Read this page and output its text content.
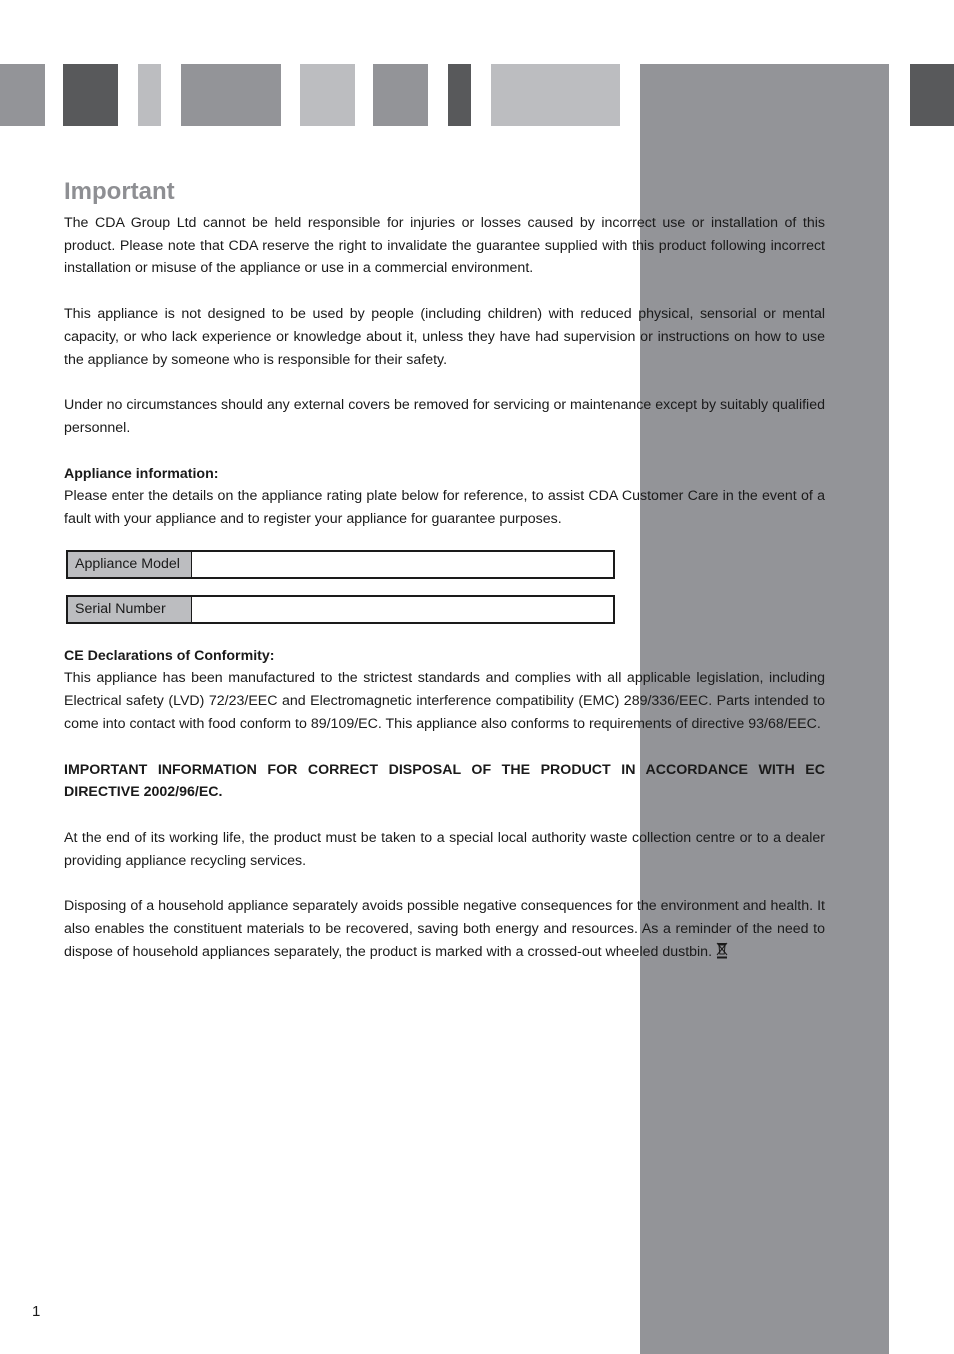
Important

The CDA Group Ltd cannot be held responsible for injuries or losses caused by incorrect use or installation of this product. Please note that CDA reserve the right to invalidate the guarantee supplied with this product following incorrect installation or misuse of the appliance or use in a commercial environment.

This appliance is not designed to be used by people (including children) with reduced physical, sensorial or mental capacity, or who lack experience or knowledge about it, unless they have had supervision or instructions on how to use the appliance by someone who is responsible for their safety.

Under no circumstances should any external covers be removed for servicing or maintenance except by suitably qualified personnel.

Appliance information:

Please enter the details on the appliance rating plate below for reference, to assist CDA Customer Care in the event of a fault with your appliance and to register your appliance for guarantee purposes.

Appliance Model
Serial Number

CE Declarations of Conformity:

This appliance has been manufactured to the strictest standards and complies with all applicable legislation, including Electrical safety (LVD) 72/23/EEC and Electromagnetic interference compatibility (EMC) 289/336/EEC. Parts intended to come into contact with food conform to 89/109/EC. This appliance also conforms to requirements of directive 93/68/EEC.

IMPORTANT INFORMATION FOR CORRECT DISPOSAL OF THE PRODUCT IN ACCORDANCE WITH EC DIRECTIVE 2002/96/EC.

At the end of its working life, the product must be taken to a special local authority waste collection centre or to a dealer providing appliance recycling services.

Disposing of a household appliance separately avoids possible negative consequences for the environment and health. It also enables the constituent materials to be recovered, saving both energy and resources. As a reminder of the need to dispose of household appliances separately, the product is marked with a crossed-out wheeled dustbin.

1
